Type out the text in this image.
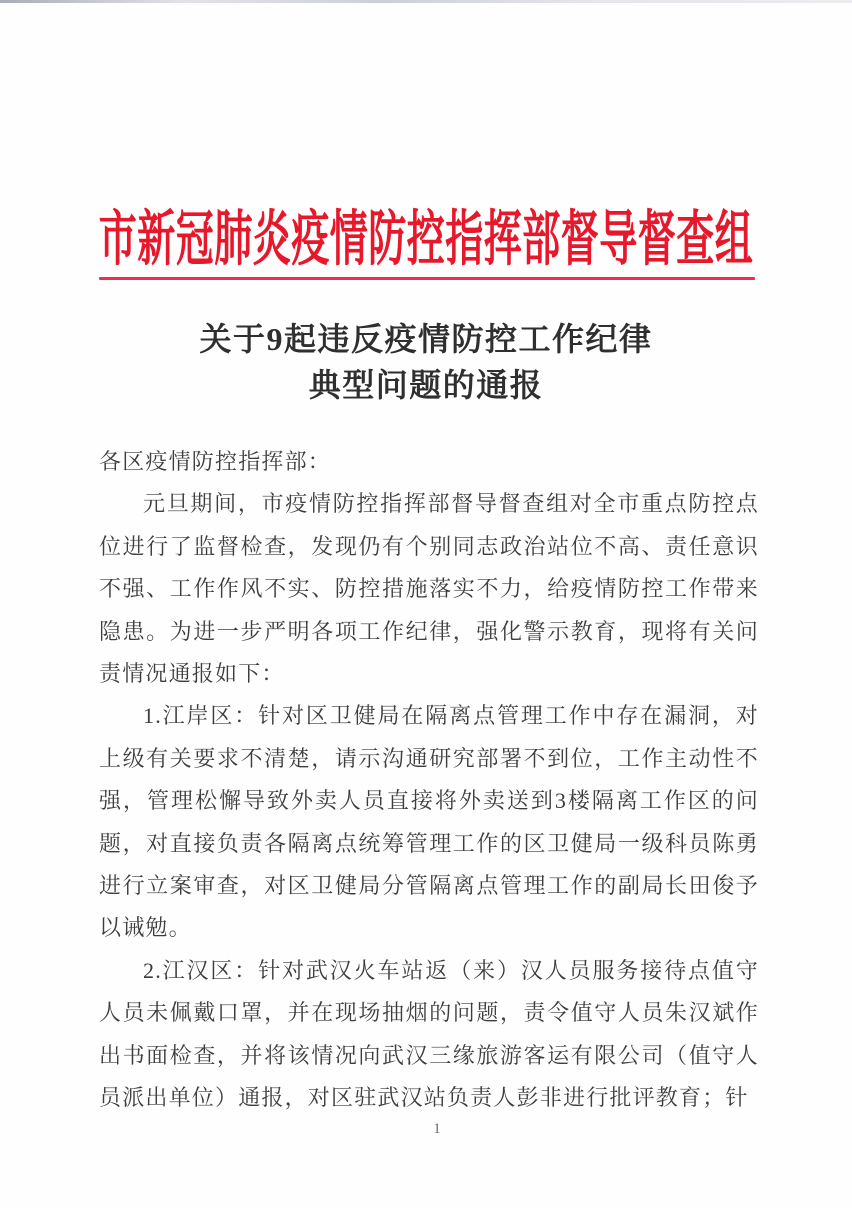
市新冠肺炎疫情防控指挥部督导督查组
关于9起违反疫情防控工作纪律
典型问题的通报

各区疫情防控指挥部：

元旦期间，市疫情防控指挥部督导督查组对全市重点防控点位进行了监督检查，发现仍有个别同志政治站位不高、责任意识不强、工作作风不实、防控措施落实不力，给疫情防控工作带来隐患。为进一步严明各项工作纪律，强化警示教育，现将有关问责情况通报如下：

1.江岸区：针对区卫健局在隔离点管理工作中存在漏洞，对上级有关要求不清楚，请示沟通研究部署不到位，工作主动性不强，管理松懈导致外卖人员直接将外卖送到3楼隔离工作区的问题，对直接负责各隔离点统筹管理工作的区卫健局一级科员陈勇进行立案审查，对区卫健局分管隔离点管理工作的副局长田俊予以诫勉。

2.江汉区：针对武汉火车站返（来）汉人员服务接待点值守人员未佩戴口罩，并在现场抽烟的问题，责令值守人员朱汉斌作出书面检查，并将该情况向武汉三缘旅游客运有限公司（值守人员派出单位）通报，对区驻武汉站负责人彭非进行批评教育；针

1
